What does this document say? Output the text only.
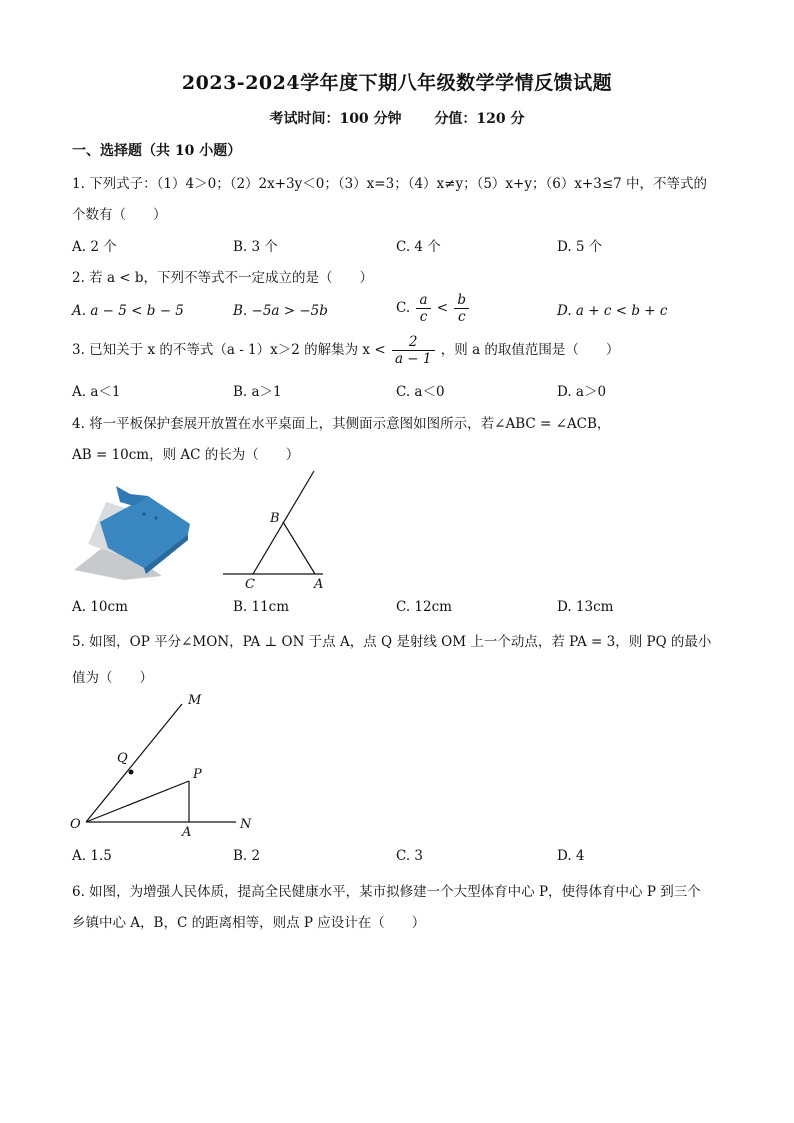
2023-2024学年度下期八年级数学学情反馈试题
考试时间：100 分钟 分值：120 分
一、选择题（共 10 小题）
1. 下列式子：（1）4＞0；（2）2x+3y＜0；（3）x=3；（4）x≠y；（5）x+y；（6）x+3≤7 中，不等式的
个数有（　　）
A. 2 个	B. 3 个	C. 4 个	D. 5 个
2. 若 a < b，下列不等式不一定成立的是（　　）
A. a − 5 < b − 5	B. −5a > −5b	C. $\frac{a}{c} < \frac{b}{c}$	D. a + c < b + c
3. 已知关于 x 的不等式（a - 1）x＞2 的解集为 $x < \frac{2}{a - 1}$ ，则 a 的取值范围是（　　）
A. a＜1	B. a＞1	C. a＜0	D. a＞0
4. 将一平板保护套展开放置在水平桌面上，其侧面示意图如图所示，若∠ABC = ∠ACB，
AB = 10cm，则 AC 的长为（　　）
B
C	A
A. 10cm	B. 11cm	C. 12cm	D. 13cm
5. 如图，OP 平分∠MON，PA ⊥ ON 于点 A，点 Q 是射线 OM 上一个动点，若 PA = 3，则 PQ 的最小
值为（　　）
M
Q
P
O
A
N
A. 1.5	B. 2	C. 3	D. 4
6. 如图，为增强人民体质，提高全民健康水平，某市拟修建一个大型体育中心 P，使得体育中心 P 到三个
乡镇中心 A，B，C 的距离相等，则点 P 应设计在（　　）
